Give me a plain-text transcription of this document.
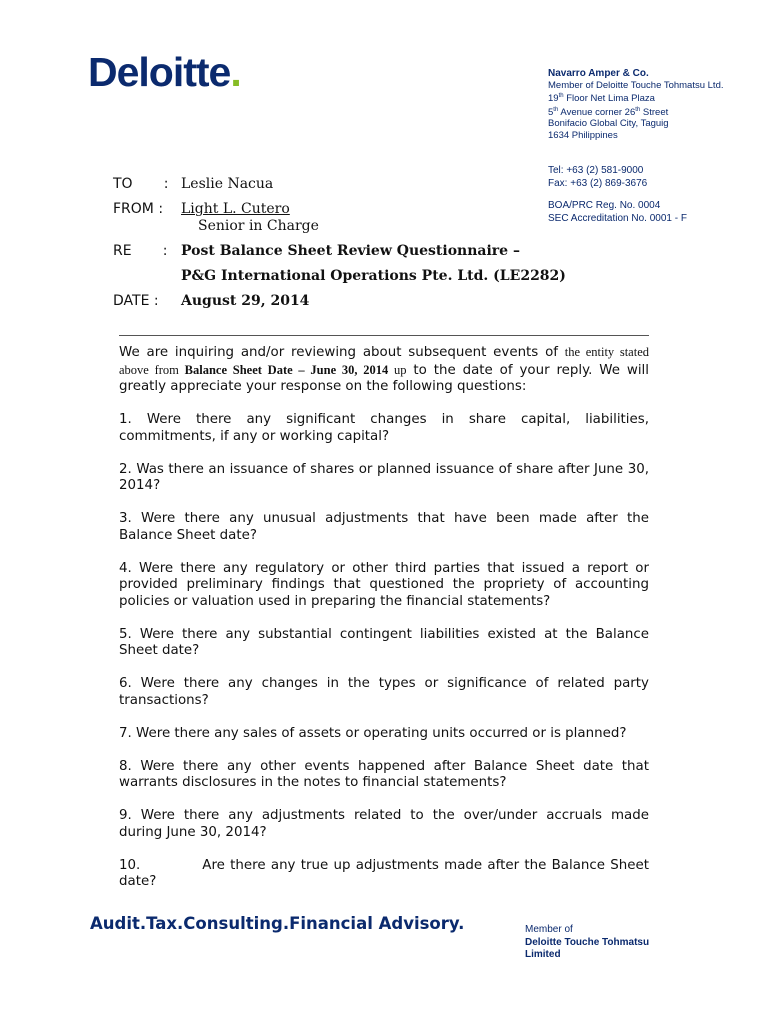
Deloitte.	Navarro Amper & Co.
Member of Deloitte Touche Tohmatsu Ltd.
19th Floor Net Lima Plaza
5th Avenue corner 26th Street
Bonifacio Global City, Taguig
1634 Philippines
Tel: +63 (2) 581-9000
Fax: +63 (2) 869-3676
BOA/PRC Reg. No. 0004
SEC Accreditation No. 0001 - F
TO       : Leslie Nacua
FROM : Light L. Cutero
Senior in Charge
RE       : Post Balance Sheet Review Questionnaire –
P&G International Operations Pte. Ltd. (LE2282)
DATE : August 29, 2014

We are inquiring and/or reviewing about subsequent events of the entity stated above from Balance Sheet Date – June 30, 2014 up to the date of your reply. We will greatly appreciate your response on the following questions:

1. Were there any significant changes in share capital, liabilities, commitments, if any or working capital?

2. Was there an issuance of shares or planned issuance of share after June 30, 2014?

3. Were there any unusual adjustments that have been made after the Balance Sheet date?

4. Were there any regulatory or other third parties that issued a report or provided preliminary findings that questioned the propriety of accounting policies or valuation used in preparing the financial statements?

5. Were there any substantial contingent liabilities existed at the Balance Sheet date?

6. Were there any changes in the types or significance of related party transactions?

7. Were there any sales of assets or operating units occurred or is planned?

8. Were there any other events happened after Balance Sheet date that warrants disclosures in the notes to financial statements?

9. Were there any adjustments related to the over/under accruals made during June 30, 2014?

10.	Are there any true up adjustments made after the Balance Sheet date?

Audit.Tax.Consulting.Financial Advisory.	Member of
Deloitte Touche Tohmatsu
Limited
